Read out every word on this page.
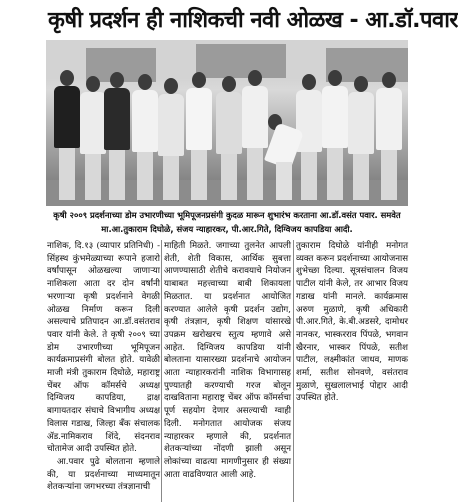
कृषी प्रदर्शन ही नाशिकची नवी ओळख - आ.डॉ.पवार
कृषी २००९ प्रदर्शनाच्या डोम उभारणीच्या भूमिपूजनप्रसंगी कुदळ मारून शुभारंभ करताना आ.डॉ.वसंत पवार. समवेत मा.आ.तुकाराम दिघोळे, संजय न्याहारकर, पी.आर.गिते, दिग्विजय कापडिया आदी.

नाशिक, दि.१३ (व्यापार प्रतिनिधी) - सिंहस्थ कुंभमेळ्याच्या रूपाने हजारो वर्षांपासून ओळखल्या जाणाऱ्या नाशिकला आता दर दोन वर्षांनी भरणाऱ्या कृषी प्रदर्शनाने वेगळी ओळख निर्माण करून दिली असल्याचे प्रतिपादन आ.डॉ.वसंतराव पवार यांनी केले. ते कृषी २००९ च्या डोम उभारणीच्या भूमिपूजन कार्यक्रमाप्रसंगी बोलत होते. यावेळी माजी मंत्री तुकाराम दिघोळे, महाराष्ट्र चेंबर ऑफ कॉमर्सचे अध्यक्ष दिग्विजय कापडिया, द्राक्ष बागायतदार संघाचे विभागीय अध्यक्ष विलास गडाख, जिल्हा बँक संचालक ॲड.नामिकराव शिंदे, संदनराव चोतामेज आदी उपस्थित होते.

आ.पवार पुढे बोलताना म्हणाले की, या प्रदर्शनाच्या माध्यमातून शेतकऱ्यांना जगभरच्या तंत्रज्ञानाची

माहिती मिळते. जगाच्या तुलनेत आपली शेती, शेती विकास, आर्थिक सुबत्ता आणण्यासाठी शेतीचे करावयाचे नियोजन याबाबत महत्त्वाच्या बाबी शिकायला मिळतात. या प्रदर्शनात आयोजित करण्यात आलेले कृषी प्रदर्शन उद्योग, कृषी तंत्रज्ञान, कृषी शिक्षण यांसारखे उपक्रम खरोखरच स्तुत्य म्हणावे असे आहेत. दिग्विजय कापडिया यांनी बोलताना यासारख्या प्रदर्शनाचे आयोजन आता न्याहारकरांनी नाशिक विभागासह पुण्यातही करण्याची गरज बोलून दाखविताना महाराष्ट्र चेंबर ऑफ कॉमर्सचा पूर्ण सहयोग देणार असल्याची ग्वाही दिली. मनोगतात आयोजक संजय न्याहारकर म्हणाले की, प्रदर्शनात शेतकऱ्यांच्या नोंदणी झाली असून लोकांच्या वाढत्या मागणीनुसार ही संख्या आता वाढविण्यात आली आहे.

तुकाराम दिघोळे यांनीही मनोगत व्यक्त करून प्रदर्शनाच्या आयोजनास शुभेच्छा दिल्या. सूत्रसंचालन विजय पाटील यांनी केले, तर आभार विजय गडाख यांनी मानले. कार्यक्रमास अरुण मुळाणे, कृषी अधिकारी पी.आर.गिते, के.बी.अडसरे, दामोधर नानकर, भास्करराव पिंपळे, भगवान खैरनार, भास्कर पिंपळे, सतीश पाटील, लक्ष्मीकांत जाधव, माणक शर्मा, सतीश सोनवणे, वसंतराव मुळाणे, सुखलालभाई पोद्दार आदी उपस्थित होते.
